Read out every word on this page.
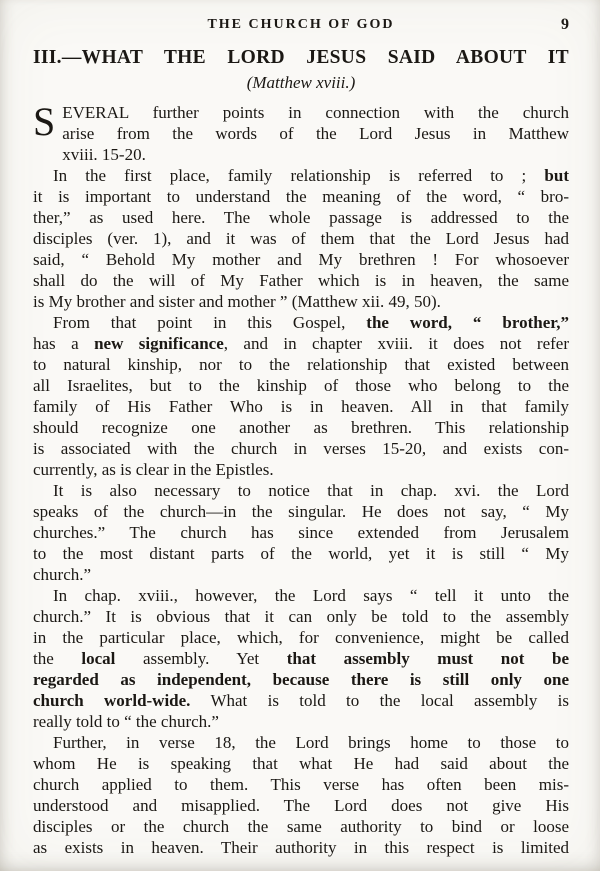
THE CHURCH OF GOD	9
III.—WHAT THE LORD JESUS SAID ABOUT IT
(Matthew xviii.)
S EVERAL further points in connection with the church
arise from the words of the Lord Jesus in Matthew
xviii. 15-20.
In the first place, family relationship is referred to ; but
it is important to understand the meaning of the word, “ bro-
ther,” as used here. The whole passage is addressed to the
disciples (ver. 1), and it was of them that the Lord Jesus had
said, “ Behold My mother and My brethren ! For whosoever
shall do the will of My Father which is in heaven, the same
is My brother and sister and mother ” (Matthew xii. 49, 50).
From that point in this Gospel, the word, “ brother,”
has a new significance, and in chapter xviii. it does not refer
to natural kinship, nor to the relationship that existed between
all Israelites, but to the kinship of those who belong to the
family of His Father Who is in heaven. All in that family
should recognize one another as brethren. This relationship
is associated with the church in verses 15-20, and exists con-
currently, as is clear in the Epistles.
It is also necessary to notice that in chap. xvi. the Lord
speaks of the church—in the singular. He does not say, “ My
churches.” The church has since extended from Jerusalem
to the most distant parts of the world, yet it is still “ My
church.”
In chap. xviii., however, the Lord says “ tell it unto the
church.” It is obvious that it can only be told to the assembly
in the particular place, which, for convenience, might be called
the local assembly. Yet that assembly must not be
regarded as independent, because there is still only one
church world-wide. What is told to the local assembly is
really told to “ the church.”
Further, in verse 18, the Lord brings home to those to
whom He is speaking that what He had said about the
church applied to them. This verse has often been mis-
understood and misapplied. The Lord does not give His
disciples or the church the same authority to bind or loose
as exists in heaven. Their authority in this respect is limited
